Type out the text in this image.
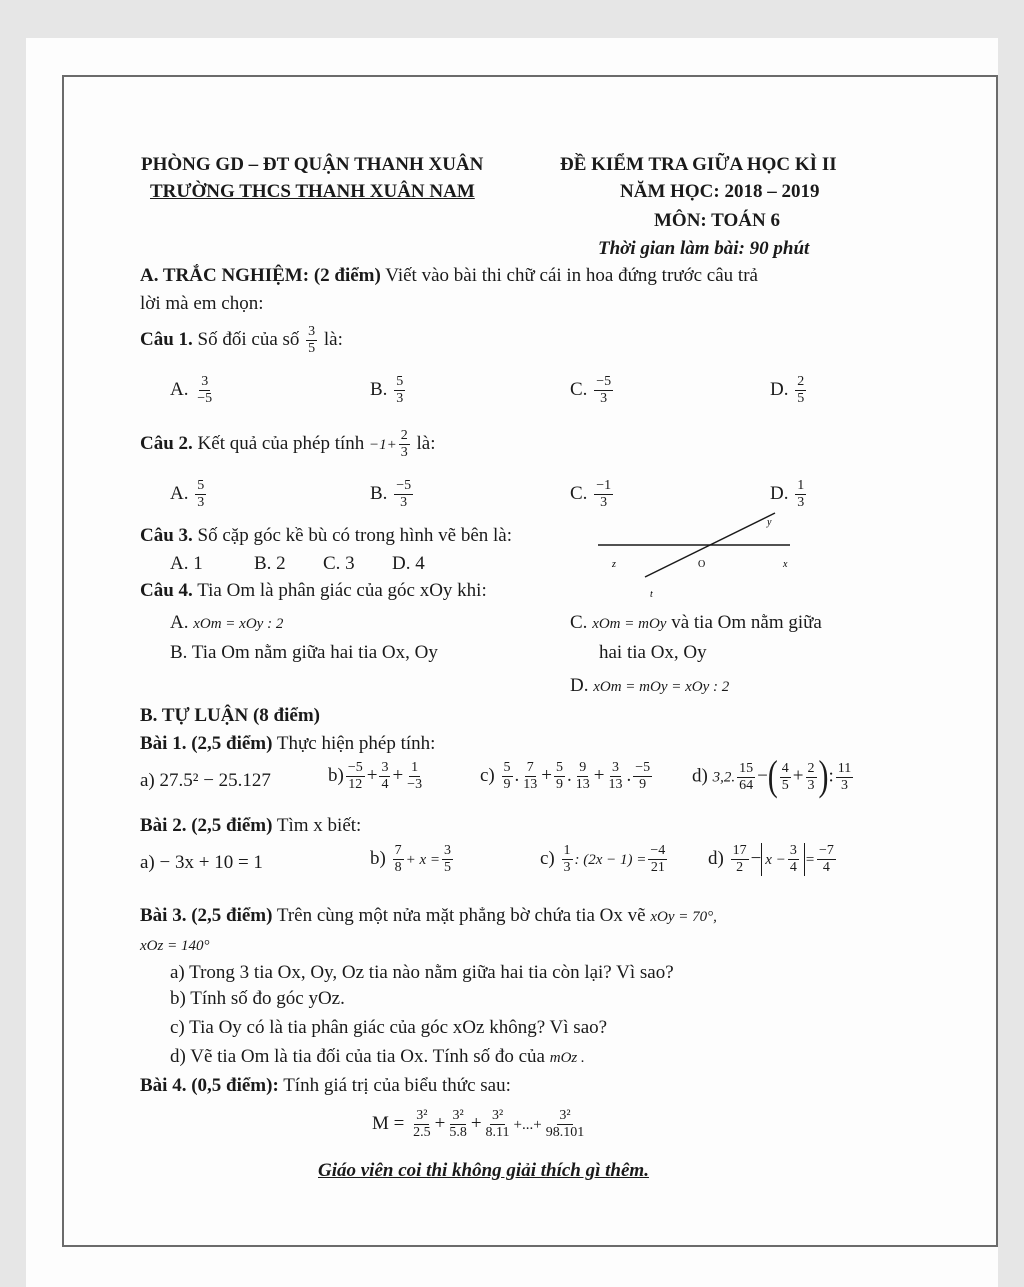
PHÒNG GD – ĐT QUẬN THANH XUÂN
TRƯỜNG THCS THANH XUÂN NAM
ĐỀ KIỂM TRA GIỮA HỌC KÌ II
NĂM HỌC: 2018 – 2019
MÔN: TOÁN 6
Thời gian làm bài: 90 phút
A. TRẮC NGHIỆM: (2 điểm) Viết vào bài thi chữ cái in hoa đứng trước câu trả
lời mà em chọn:
Câu 1. Số đối của số $\frac{3}{5}$ là:
A. $\frac{3}{-5}$	B. $\frac{5}{3}$	C. $\frac{-5}{3}$	D. $\frac{2}{5}$
Câu 2. Kết quả của phép tính $-1+ \frac{2}{3}$ là:
A. $\frac{5}{3}$	B. $\frac{-5}{3}$	C. $\frac{-1}{3}$	D. $\frac{1}{3}$
Câu 3. Số cặp góc kề bù có trong hình vẽ bên là:
A. 1	B. 2 C. 3 D. 4
y
z	O	x
t
Câu 4. Tia Om là phân giác của góc xOy khi:
A. xOm = xOy : 2
B. Tia Om nằm giữa hai tia Ox, Oy
C. xOm = mOy và tia Om nằm giữa
hai tia Ox, Oy
D. xOm = mOy = xOy : 2
B. TỰ LUẬN (8 điểm)
Bài 1. (2,5 điểm) Thực hiện phép tính:
a) 27.5² − 25.127	$b) \frac{-5}{12} + \frac{3}{4} + \frac{1}{-3}$	$c) \frac{5}{9}$ . $\frac{7}{13} + \frac{5}{9}$ . $\frac{9}{13} + \frac{3}{13}$ . $\frac{-5}{9} d$) 3,2. $\frac{15}{64}$ −( $\frac{4}{5} + \frac{2}{3}$ ): $\frac{11}{3}$
Bài 2. (2,5 điểm) Tìm x biết:
a) − 3x + 10 = 1	$b) \frac{7}{8} + x = \frac{3}{5}$	$c) \frac{1}{3}$ : $(2x - 1) = \frac{-4}{21} d) \frac{17}{2} - x - \frac{3}{4} = \frac{-7}{4}$
Bài 3. (2,5 điểm) Trên cùng một nửa mặt phẳng bờ chứa tia Ox vẽ xOy = 70°,
xOz = 140°
a) Trong 3 tia Ox, Oy, Oz tia nào nằm giữa hai tia còn lại? Vì sao?
b) Tính số đo góc yOz.
c) Tia Oy có là tia phân giác của góc xOz không? Vì sao?
d) Vẽ tia Om là tia đối của tia Ox. Tính số đo của mOz .
Bài 4. (0,5 điểm): Tính giá trị của biểu thức sau:
$M = \frac{\text{3²}}{2.5} + \frac{\text{3²}}{5.8} + \frac{\text{3²}}{8.11}$ +...+ $\frac{\text{3²}}{98.101}$
Giáo viên coi thi không giải thích gì thêm.
